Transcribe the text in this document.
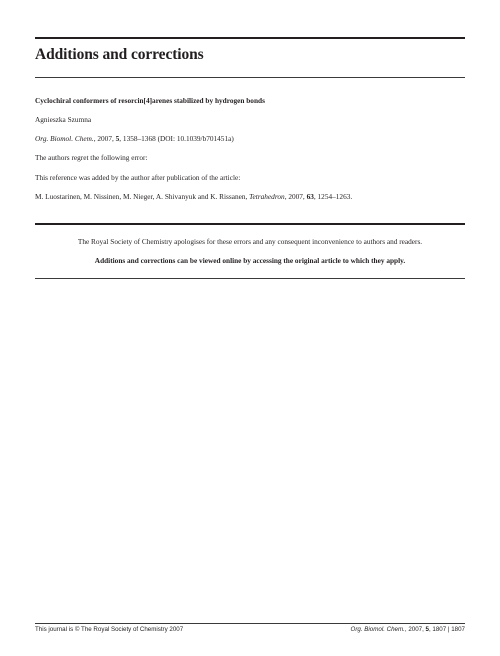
Additions and corrections
Cyclochiral conformers of resorcin[4]arenes stabilized by hydrogen bonds
Agnieszka Szumna
Org. Biomol. Chem., 2007, 5, 1358–1368 (DOI: 10.1039/b701451a)
The authors regret the following error:
This reference was added by the author after publication of the article:
M. Luostarinen, M. Nissinen, M. Nieger, A. Shivanyuk and K. Rissanen, Tetrahedron, 2007, 63, 1254–1263.
The Royal Society of Chemistry apologises for these errors and any consequent inconvenience to authors and readers.
Additions and corrections can be viewed online by accessing the original article to which they apply.
This journal is © The Royal Society of Chemistry 2007	Org. Biomol. Chem., 2007, 5, 1807 | 1807
